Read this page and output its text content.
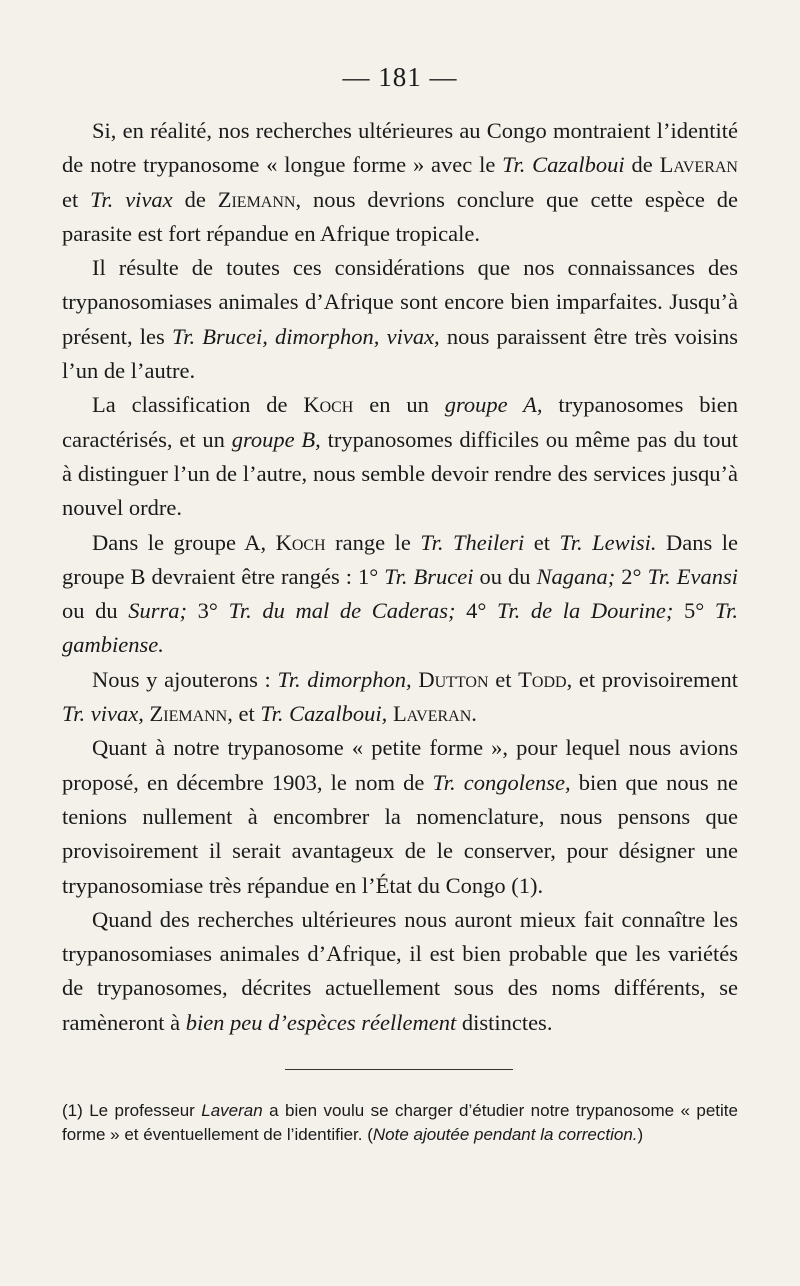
— 181 —

Si, en réalité, nos recherches ultérieures au Congo montraient l’identité de notre trypanosome « longue forme » avec le Tr. Cazalboui de Laveran et Tr. vivax de Ziemann, nous devrions conclure que cette espèce de parasite est fort répandue en Afrique tropicale.

Il résulte de toutes ces considérations que nos connaissances des trypanosomiases animales d’Afrique sont encore bien imparfaites. Jusqu’à présent, les Tr. Brucei, dimorphon, vivax, nous paraissent être très voisins l’un de l’autre.

La classification de Koch en un groupe A, trypanosomes bien caractérisés, et un groupe B, trypanosomes difficiles ou même pas du tout à distinguer l’un de l’autre, nous semble devoir rendre des services jusqu’à nouvel ordre.

Dans le groupe A, Koch range le Tr. Theileri et Tr. Lewisi. Dans le groupe B devraient être rangés : 1° Tr. Brucei ou du Nagana; 2° Tr. Evansi ou du Surra; 3° Tr. du mal de Caderas; 4° Tr. de la Dourine; 5° Tr. gambiense.

Nous y ajouterons : Tr. dimorphon, Dutton et Todd, et provisoirement Tr. vivax, Ziemann, et Tr. Cazalboui, Laveran.

Quant à notre trypanosome « petite forme », pour lequel nous avions proposé, en décembre 1903, le nom de Tr. congolense, bien que nous ne tenions nullement à encombrer la nomenclature, nous pensons que provisoirement il serait avantageux de le conserver, pour désigner une trypanosomiase très répandue en l’État du Congo (1).

Quand des recherches ultérieures nous auront mieux fait connaître les trypanosomiases animales d’Afrique, il est bien probable que les variétés de trypanosomes, décrites actuellement sous des noms différents, se ramèneront à bien peu d’espèces réellement distinctes.

(1) Le professeur Laveran a bien voulu se charger d’étudier notre trypanosome « petite forme » et éventuellement de l’identifier. (Note ajoutée pendant la correction.)
